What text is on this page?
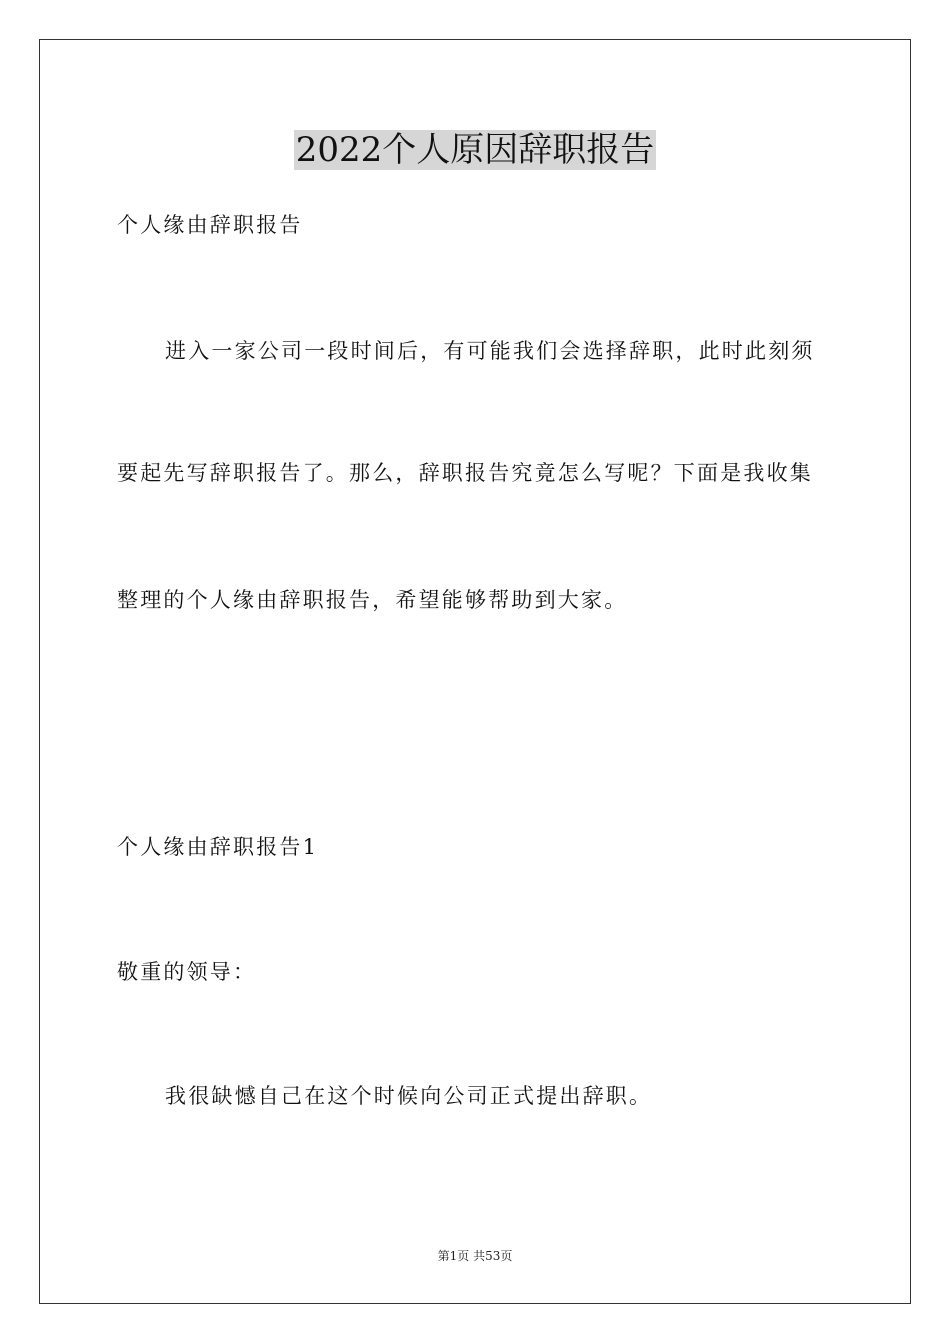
2022个人原因辞职报告
个人缘由辞职报告
进入一家公司一段时间后，有可能我们会选择辞职，此时此刻须
要起先写辞职报告了。那么，辞职报告究竟怎么写呢？下面是我收集
整理的个人缘由辞职报告，希望能够帮助到大家。
个人缘由辞职报告1
敬重的领导：
我很缺憾自己在这个时候向公司正式提出辞职。
第1页 共53页
